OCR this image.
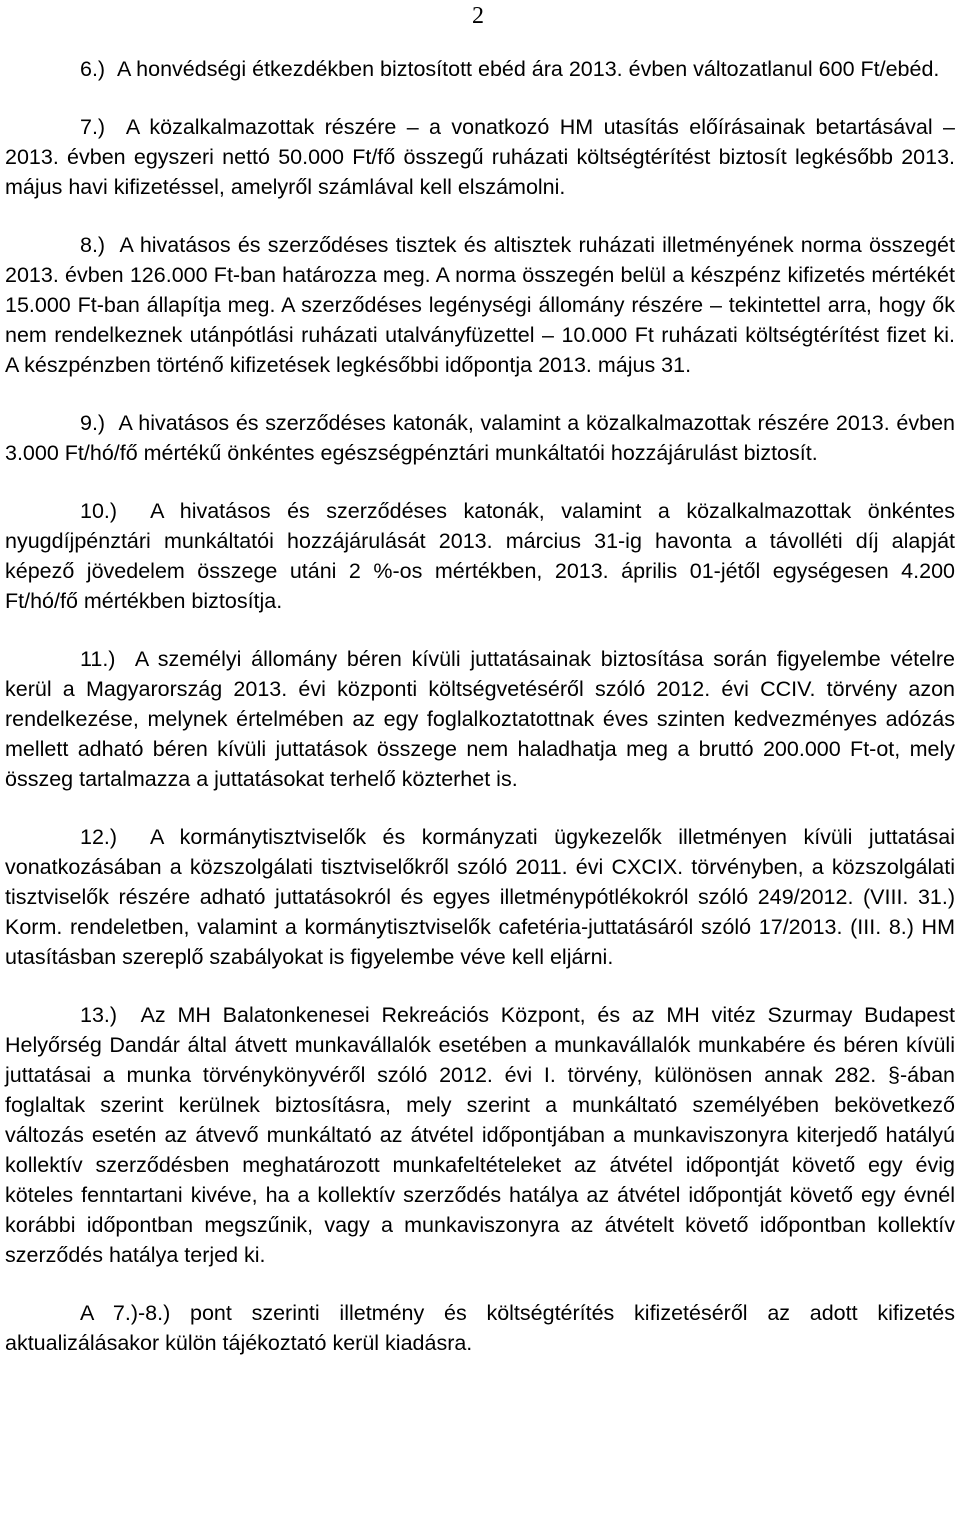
2

6.)  A honvédségi étkezdékben biztosított ebéd ára 2013. évben változatlanul 600 Ft/ebéd.

7.)  A közalkalmazottak részére – a vonatkozó HM utasítás előírásainak betartásával – 2013. évben egyszeri nettó 50.000 Ft/fő összegű ruházati költségtérítést biztosít legkésőbb 2013. május havi kifizetéssel, amelyről számlával kell elszámolni.

8.)  A hivatásos és szerződéses tisztek és altisztek ruházati illetményének norma összegét 2013. évben 126.000 Ft-ban határozza meg. A norma összegén belül a készpénz kifizetés mértékét 15.000 Ft-ban állapítja meg. A szerződéses legénységi állomány részére – tekintettel arra, hogy ők nem rendelkeznek utánpótlási ruházati utalványfüzettel – 10.000 Ft ruházati költségtérítést fizet ki. A készpénzben történő kifizetések legkésőbbi időpontja 2013. május 31.

9.)  A hivatásos és szerződéses katonák, valamint a közalkalmazottak részére 2013. évben 3.000 Ft/hó/fő mértékű önkéntes egészségpénztári munkáltatói hozzájárulást biztosít.

10.)  A hivatásos és szerződéses katonák, valamint a közalkalmazottak önkéntes nyugdíjpénztári munkáltatói hozzájárulását 2013. március 31-ig havonta a távolléti díj alapját képező jövedelem összege utáni 2 %-os mértékben, 2013. április 01-jétől egységesen 4.200 Ft/hó/fő mértékben biztosítja.

11.)  A személyi állomány béren kívüli juttatásainak biztosítása során figyelembe vételre kerül a Magyarország 2013. évi központi költségvetéséről szóló 2012. évi CCIV. törvény azon rendelkezése, melynek értelmében az egy foglalkoztatottnak éves szinten kedvezményes adózás mellett adható béren kívüli juttatások összege nem haladhatja meg a bruttó 200.000 Ft-ot, mely összeg tartalmazza a juttatásokat terhelő közterhet is.

12.)  A kormánytisztviselők és kormányzati ügykezelők illetményen kívüli juttatásai vonatkozásában a közszolgálati tisztviselőkről szóló 2011. évi CXCIX. törvényben, a közszolgálati tisztviselők részére adható juttatásokról és egyes illetménypótlékokról szóló 249/2012. (VIII. 31.) Korm. rendeletben, valamint a kormánytisztviselők cafetéria-juttatásáról szóló 17/2013. (III. 8.) HM utasításban szereplő szabályokat is figyelembe véve kell eljárni.

13.)  Az MH Balatonkenesei Rekreációs Központ, és az MH vitéz Szurmay Budapest Helyőrség Dandár által átvett munkavállalók esetében a munkavállalók munkabére és béren kívüli juttatásai a munka törvénykönyvéről szóló 2012. évi I. törvény, különösen annak 282. §-ában foglaltak szerint kerülnek biztosításra, mely szerint a munkáltató személyében bekövetkező változás esetén az átvevő munkáltató az átvétel időpontjában a munkaviszonyra kiterjedő hatályú kollektív szerződésben meghatározott munkafeltételeket az átvétel időpontját követő egy évig köteles fenntartani kivéve, ha a kollektív szerződés hatálya az átvétel időpontját követő egy évnél korábbi időpontban megszűnik, vagy a munkaviszonyra az átvételt követő időpontban kollektív szerződés hatálya terjed ki.

A 7.)-8.) pont szerinti illetmény és költségtérítés kifizetéséről az adott kifizetés aktualizálásakor külön tájékoztató kerül kiadásra.
